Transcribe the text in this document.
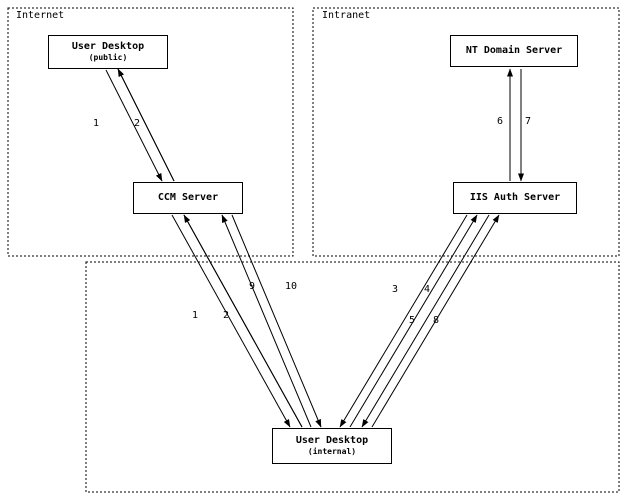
Internet	Intranet
User Desktop
(public)
CCM Server
NT Domain Server
IIS Auth Server
User Desktop
(internal)
1	2	6 7
9	10	3	4
1 2	5 8
